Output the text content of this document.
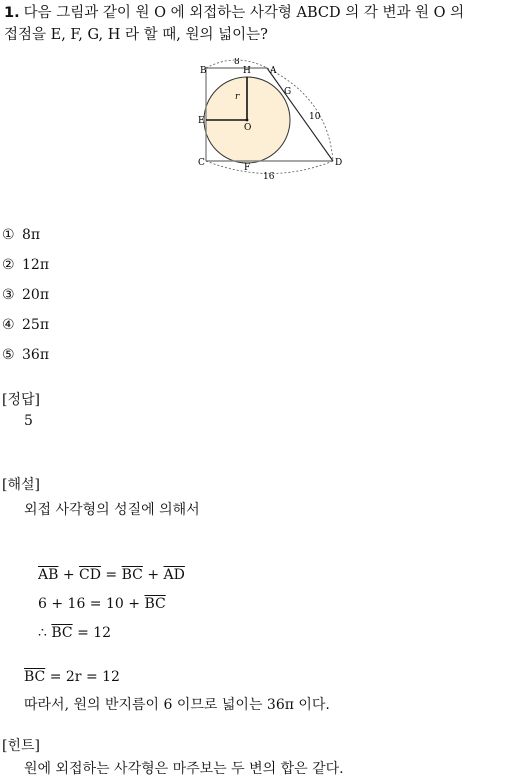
1. 다음 그림과 같이 원 O 에 외접하는 사각형 ABCD 의 각 변과 원 O 의
접점을 E, F, G, H 라 할 때, 원의 넓이는?
B	H A
G
E
O
C	F	D
r
8
10
16
① 8π
② 12π
③ 20π
④ 25π
⑤ 36π
[정답]
5
[해설]
외접 사각형의 성질에 의해서
$\overline{AB} + \overline{CD} = \overline{BC} + \overline{AD}$
$6 + 16 = 10 + \overline{BC}$
∴ $\overline{BC} = 12$
$\overline{BC} = 2r = 12$
따라서, 원의 반지름이 6 이므로 넓이는 36π 이다.
[힌트]
원에 외접하는 사각형은 마주보는 두 변의 합은 같다.
